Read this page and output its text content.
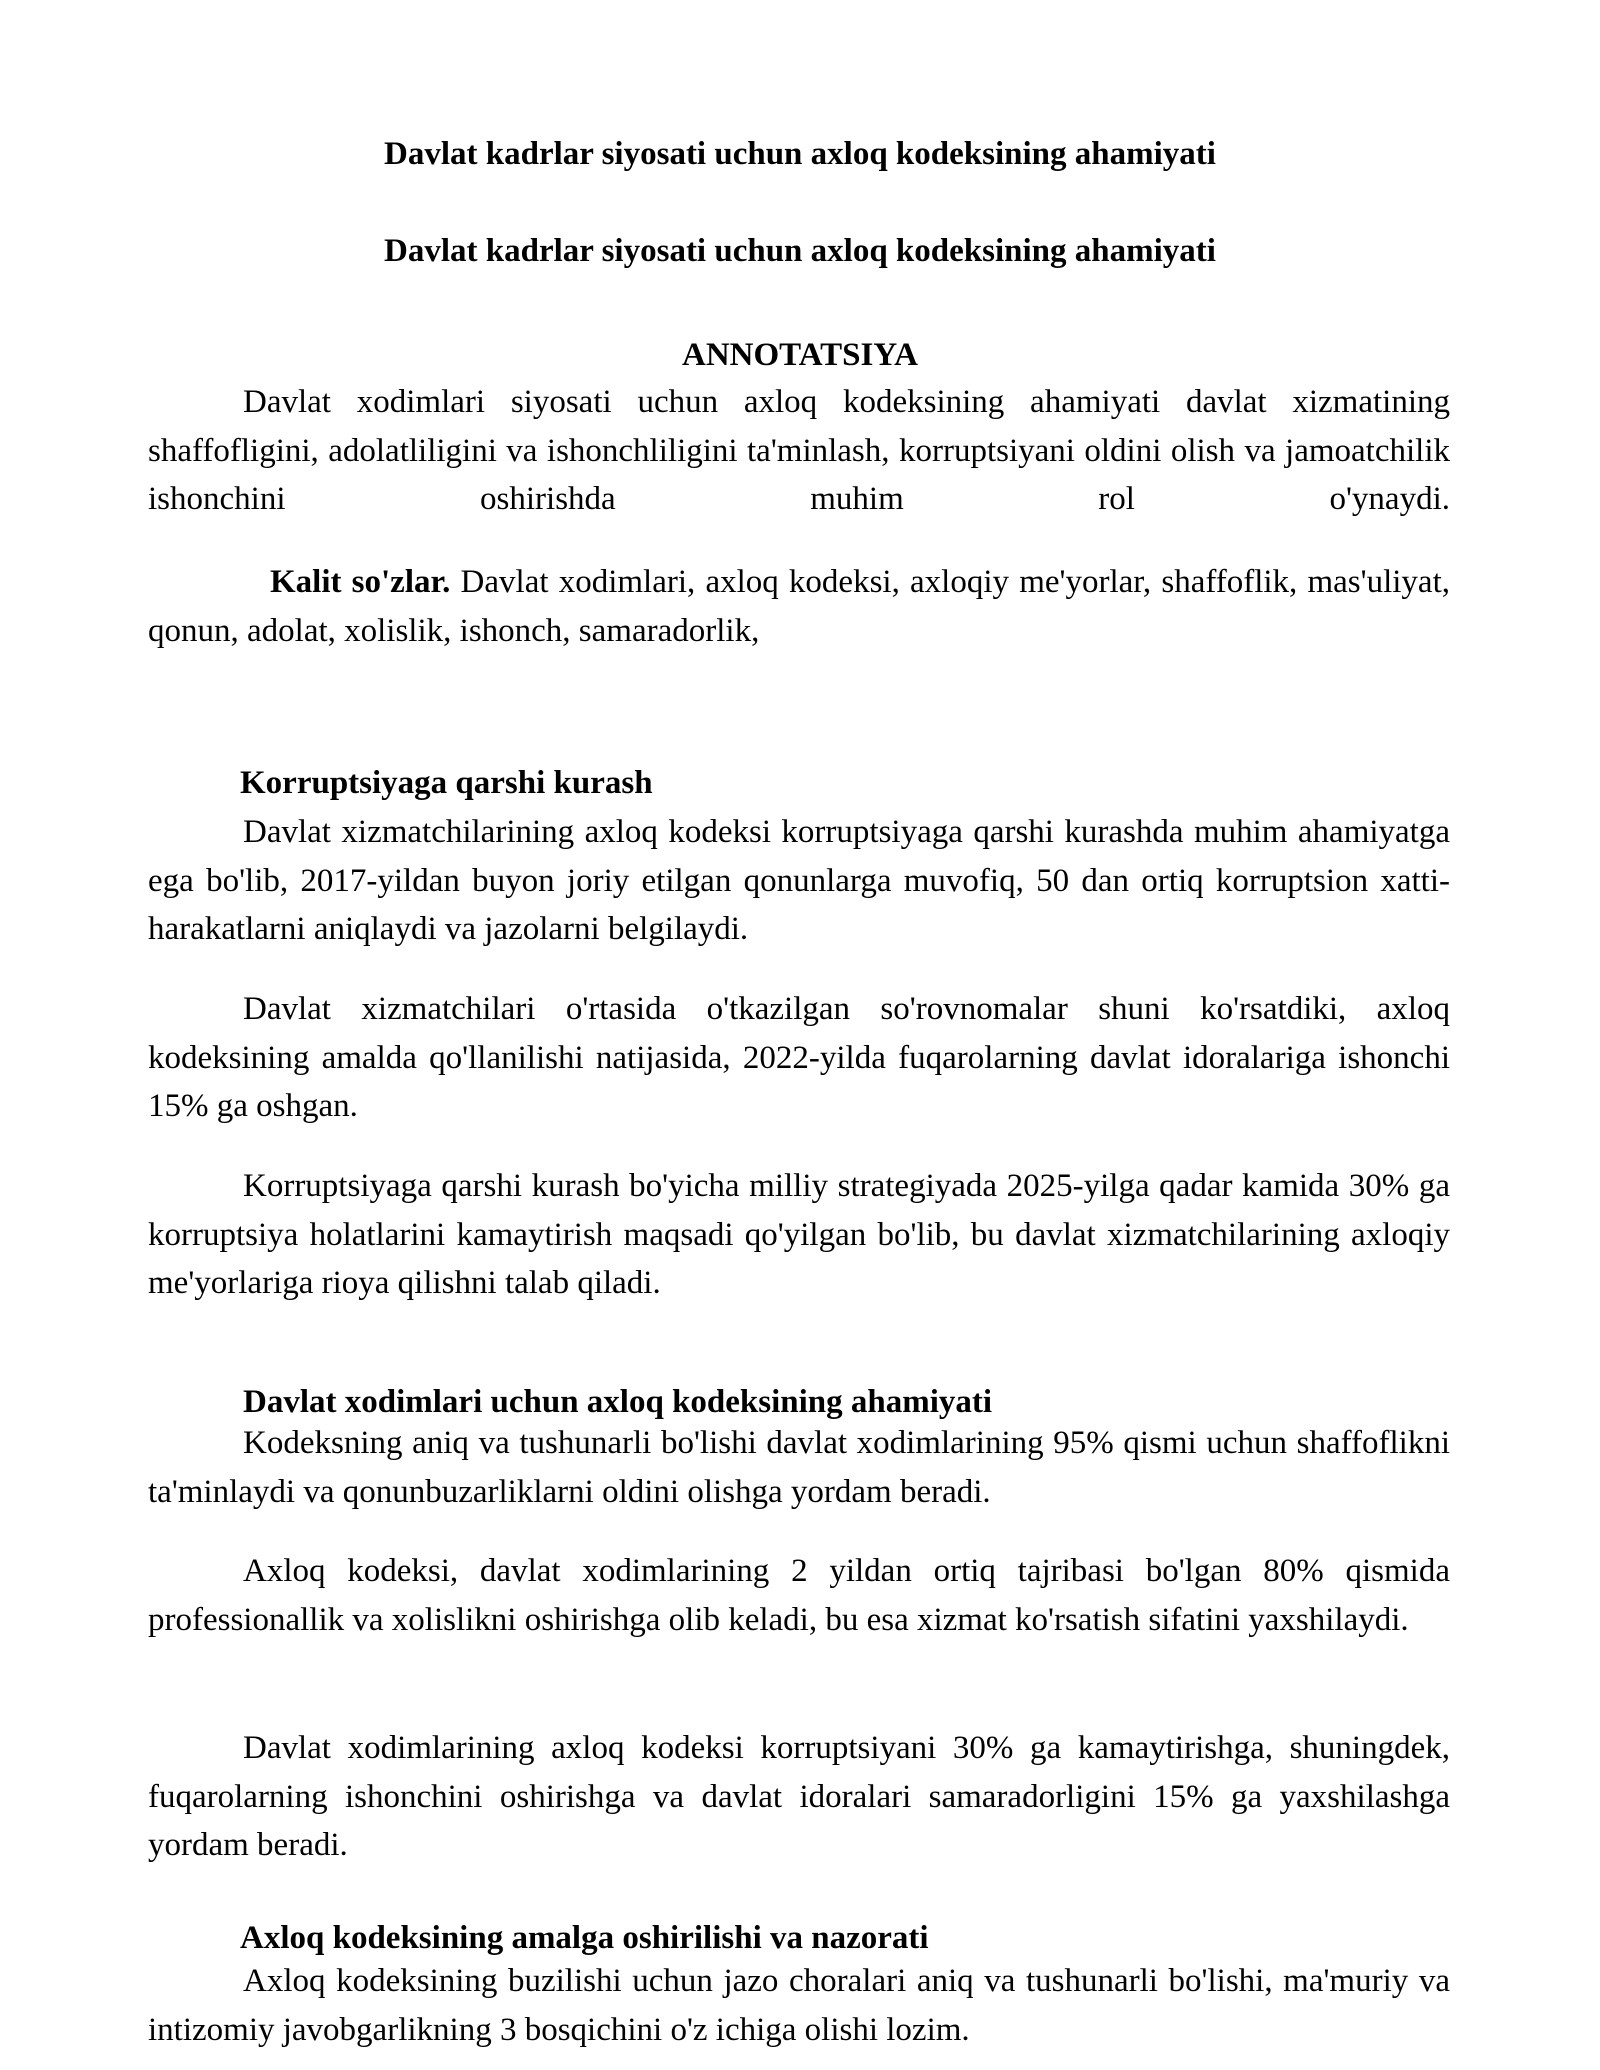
Davlat kadrlar siyosati uchun axloq kodeksining ahamiyati
Davlat kadrlar siyosati uchun axloq kodeksining ahamiyati
ANNOTATSIYA

Davlat xodimlari siyosati uchun axloq kodeksining ahamiyati davlat xizmatining shaffofligini, adolatliligini va ishonchliligini ta'minlash, korruptsiyani oldini olish va jamoatchilik ishonchini oshirishda muhim rol o'ynaydi.

Kalit so'zlar. Davlat xodimlari, axloq kodeksi, axloqiy me'yorlar, shaffoflik, mas'uliyat, qonun, adolat, xolislik, ishonch, samaradorlik,

Korruptsiyaga qarshi kurash

Davlat xizmatchilarining axloq kodeksi korruptsiyaga qarshi kurashda muhim ahamiyatga ega bo'lib, 2017-yildan buyon joriy etilgan qonunlarga muvofiq, 50 dan ortiq korruptsion xatti-harakatlarni aniqlaydi va jazolarni belgilaydi.

Davlat xizmatchilari o'rtasida o'tkazilgan so'rovnomalar shuni ko'rsatdiki, axloq kodeksining amalda qo'llanilishi natijasida, 2022-yilda fuqarolarning davlat idoralariga ishonchi 15% ga oshgan.

Korruptsiyaga qarshi kurash bo'yicha milliy strategiyada 2025-yilga qadar kamida 30% ga korruptsiya holatlarini kamaytirish maqsadi qo'yilgan bo'lib, bu davlat xizmatchilarining axloqiy me'yorlariga rioya qilishni talab qiladi.

Davlat xodimlari uchun axloq kodeksining ahamiyati

Kodeksning aniq va tushunarli bo'lishi davlat xodimlarining 95% qismi uchun shaffoflikni ta'minlaydi va qonunbuzarliklarni oldini olishga yordam beradi.

Axloq kodeksi, davlat xodimlarining 2 yildan ortiq tajribasi bo'lgan 80% qismida professionallik va xolislikni oshirishga olib keladi, bu esa xizmat ko'rsatish sifatini yaxshilaydi.

Davlat xodimlarining axloq kodeksi korruptsiyani 30% ga kamaytirishga, shuningdek, fuqarolarning ishonchini oshirishga va davlat idoralari samaradorligini 15% ga yaxshilashga yordam beradi.

Axloq kodeksining amalga oshirilishi va nazorati

Axloq kodeksining buzilishi uchun jazo choralari aniq va tushunarli bo'lishi, ma'muriy va intizomiy javobgarlikning 3 bosqichini o'z ichiga olishi lozim.
